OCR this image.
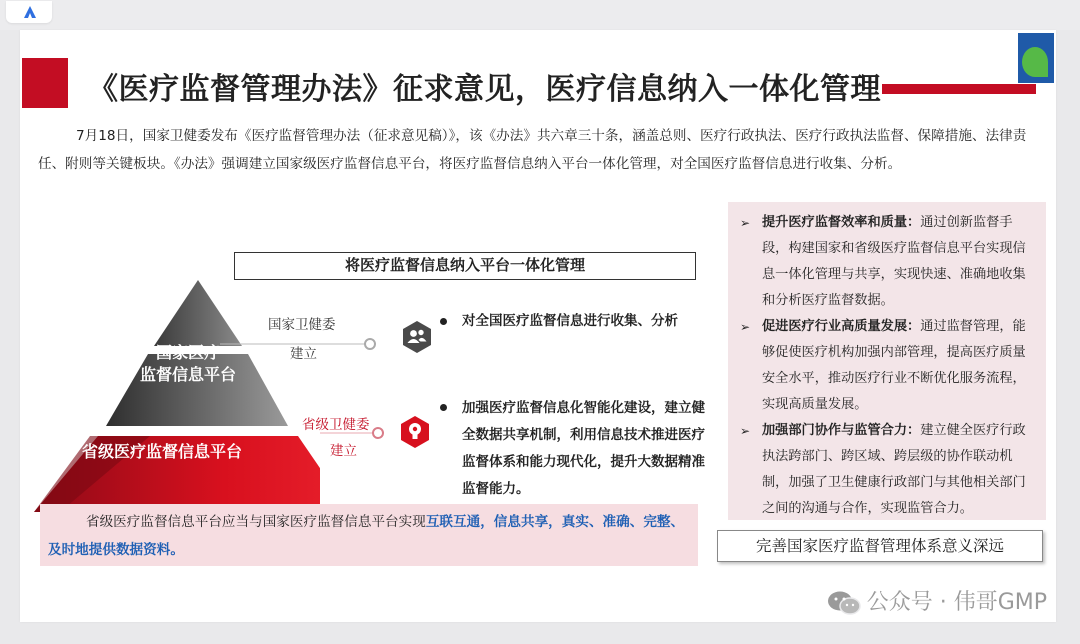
《医疗监督管理办法》征求意见，医疗信息纳入一体化管理
7月18日，国家卫健委发布《医疗监督管理办法（征求意见稿）》，该《办法》共六章三十条，涵盖总则、医疗行政执法、医疗行政执法监督、保障措施、法律责任、附则等关键板块。《办法》强调建立国家级医疗监督信息平台，将医疗监督信息纳入平台一体化管理，对全国医疗监督信息进行收集、分析。
将医疗监督信息纳入平台一体化管理
国家医疗
监督信息平台
省级医疗监督信息平台
国家卫健委
建立
对全国医疗监督信息进行收集、分析
省级卫健委
建立
加强医疗监督信息化智能化建设，建立健全数据共享机制，利用信息技术推进医疗监督体系和能力现代化，提升大数据精准监督能力。
省级医疗监督信息平台应当与国家医疗监督信息平台实现互联互通，信息共享，真实、准确、完整、及时地提供数据资料。
➢ 提升医疗监督效率和质量：通过创新监督手段，构建国家和省级医疗监督信息平台实现信息一体化管理与共享，实现快速、准确地收集和分析医疗监督数据。
➢ 促进医疗行业高质量发展：通过监督管理，能够促使医疗机构加强内部管理，提高医疗质量安全水平，推动医疗行业不断优化服务流程，实现高质量发展。
➢ 加强部门协作与监管合力：建立健全医疗行政执法跨部门、跨区域、跨层级的协作联动机制，加强了卫生健康行政部门与其他相关部门之间的沟通与合作，实现监管合力。
完善国家医疗监督管理体系意义深远
公众号 · 伟哥GMP
